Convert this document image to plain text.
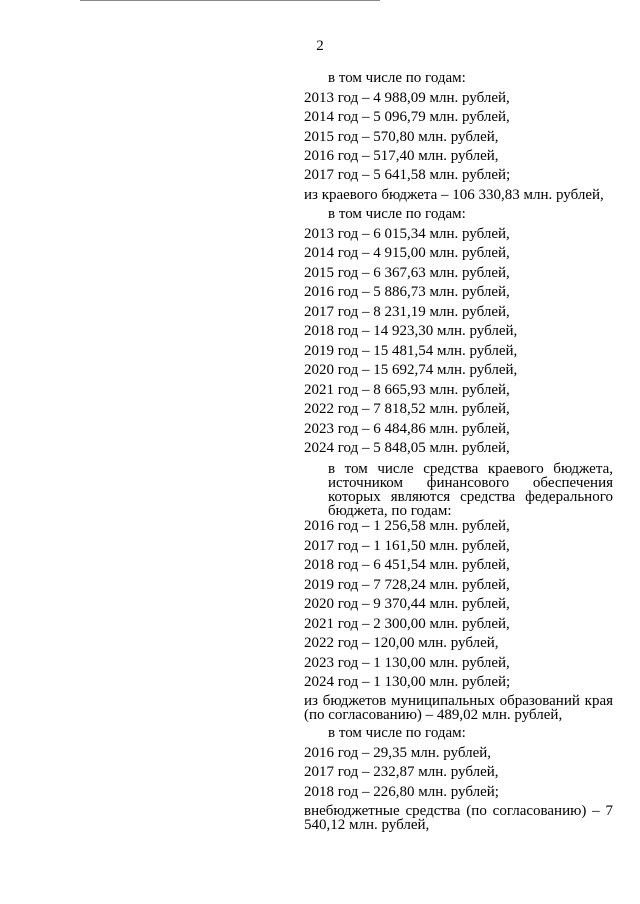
2
в том числе по годам:
2013 год – 4 988,09 млн. рублей,
2014 год – 5 096,79 млн. рублей,
2015 год – 570,80 млн. рублей,
2016 год – 517,40 млн. рублей,
2017 год – 5 641,58 млн. рублей;
из краевого бюджета – 106 330,83 млн. рублей,
в том числе по годам:
2013 год – 6 015,34 млн. рублей,
2014 год – 4 915,00 млн. рублей,
2015 год – 6 367,63 млн. рублей,
2016 год – 5 886,73 млн. рублей,
2017 год – 8 231,19 млн. рублей,
2018 год – 14 923,30 млн. рублей,
2019 год – 15 481,54 млн. рублей,
2020 год – 15 692,74 млн. рублей,
2021 год – 8 665,93 млн. рублей,
2022 год – 7 818,52 млн. рублей,
2023 год – 6 484,86 млн. рублей,
2024 год – 5 848,05 млн. рублей,
в том числе средства краевого бюджета, источником финансового обеспечения которых являются средства федерального бюджета, по годам:
2016 год – 1 256,58 млн. рублей,
2017 год – 1 161,50 млн. рублей,
2018 год – 6 451,54 млн. рублей,
2019 год – 7 728,24 млн. рублей,
2020 год – 9 370,44 млн. рублей,
2021 год – 2 300,00 млн. рублей,
2022 год – 120,00 млн. рублей,
2023 год – 1 130,00 млн. рублей,
2024 год – 1 130,00 млн. рублей;
из бюджетов муниципальных образований края (по согласованию) – 489,02 млн. рублей,
в том числе по годам:
2016 год – 29,35 млн. рублей,
2017 год – 232,87 млн. рублей,
2018 год – 226,80 млн. рублей;
внебюджетные средства (по согласованию) – 7 540,12 млн. рублей,
